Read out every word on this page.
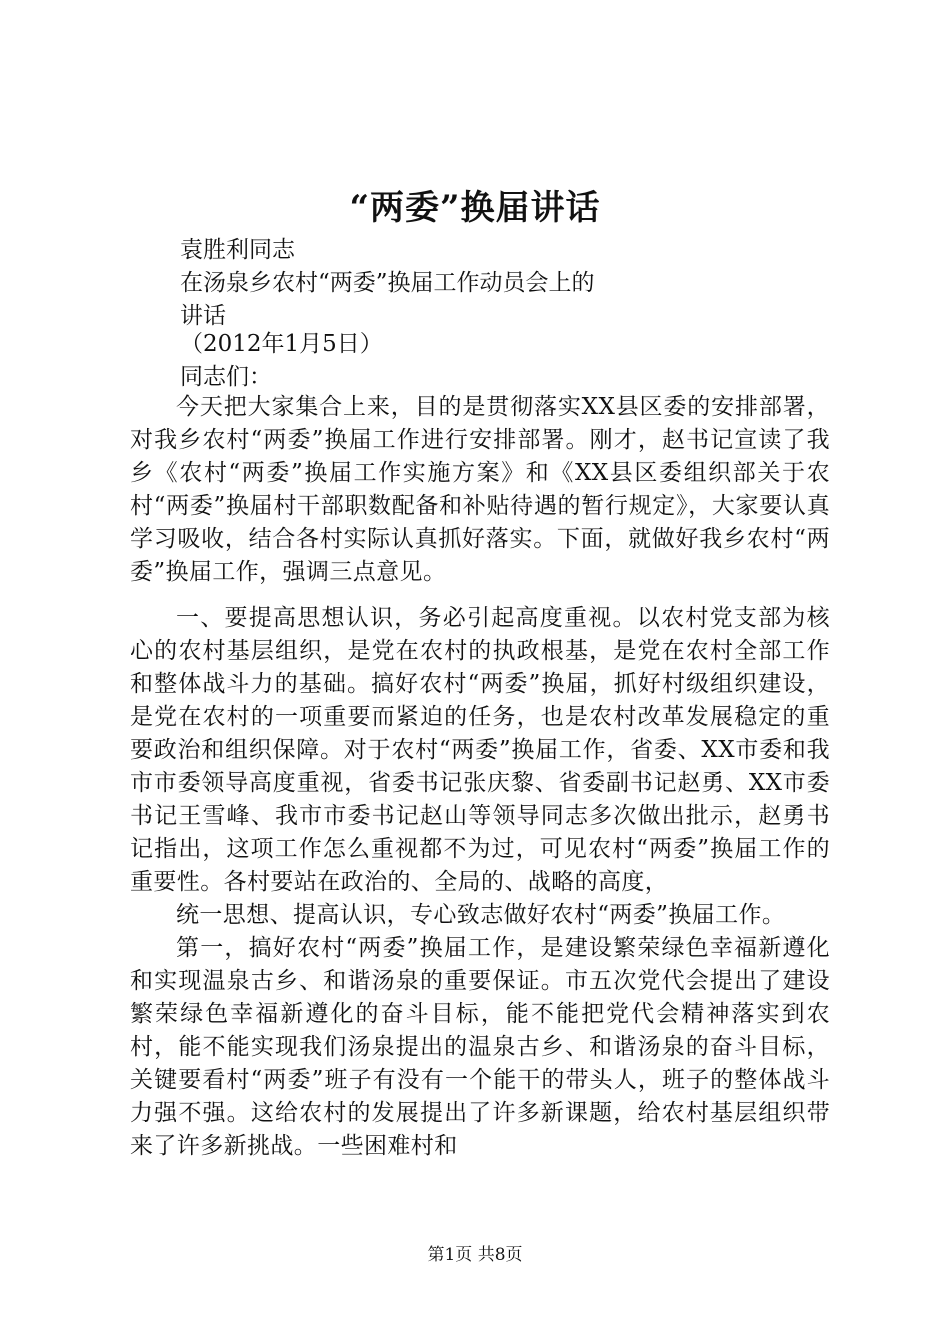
“两委”换届讲话
袁胜利同志
在汤泉乡农村“两委”换届工作动员会上的
讲话
（2012年1月5日）
同志们：

今天把大家集合上来，目的是贯彻落实XX县区委的安排部署，对我乡农村“两委”换届工作进行安排部署。刚才，赵书记宣读了我乡《农村“两委”换届工作实施方案》和《XX县区委组织部关于农村“两委”换届村干部职数配备和补贴待遇的暂行规定》，大家要认真学习吸收，结合各村实际认真抓好落实。下面，就做好我乡农村“两委”换届工作，强调三点意见。

一、要提高思想认识，务必引起高度重视。以农村党支部为核心的农村基层组织，是党在农村的执政根基，是党在农村全部工作和整体战斗力的基础。搞好农村“两委”换届，抓好村级组织建设，是党在农村的一项重要而紧迫的任务，也是农村改革发展稳定的重要政治和组织保障。对于农村“两委”换届工作，省委、XX市委和我市市委领导高度重视，省委书记张庆黎、省委副书记赵勇、XX市委书记王雪峰、我市市委书记赵山等领导同志多次做出批示，赵勇书记指出，这项工作怎么重视都不为过，可见农村“两委”换届工作的重要性。各村要站在政治的、全局的、战略的高度，

统一思想、提高认识，专心致志做好农村“两委”换届工作。

第一，搞好农村“两委”换届工作，是建设繁荣绿色幸福新遵化和实现温泉古乡、和谐汤泉的重要保证。市五次党代会提出了建设繁荣绿色幸福新遵化的奋斗目标，能不能把党代会精神落实到农村，能不能实现我们汤泉提出的温泉古乡、和谐汤泉的奋斗目标，关键要看村“两委”班子有没有一个能干的带头人，班子的整体战斗力强不强。这给农村的发展提出了许多新课题，给农村基层组织带来了许多新挑战。一些困难村和

第1页 共8页
